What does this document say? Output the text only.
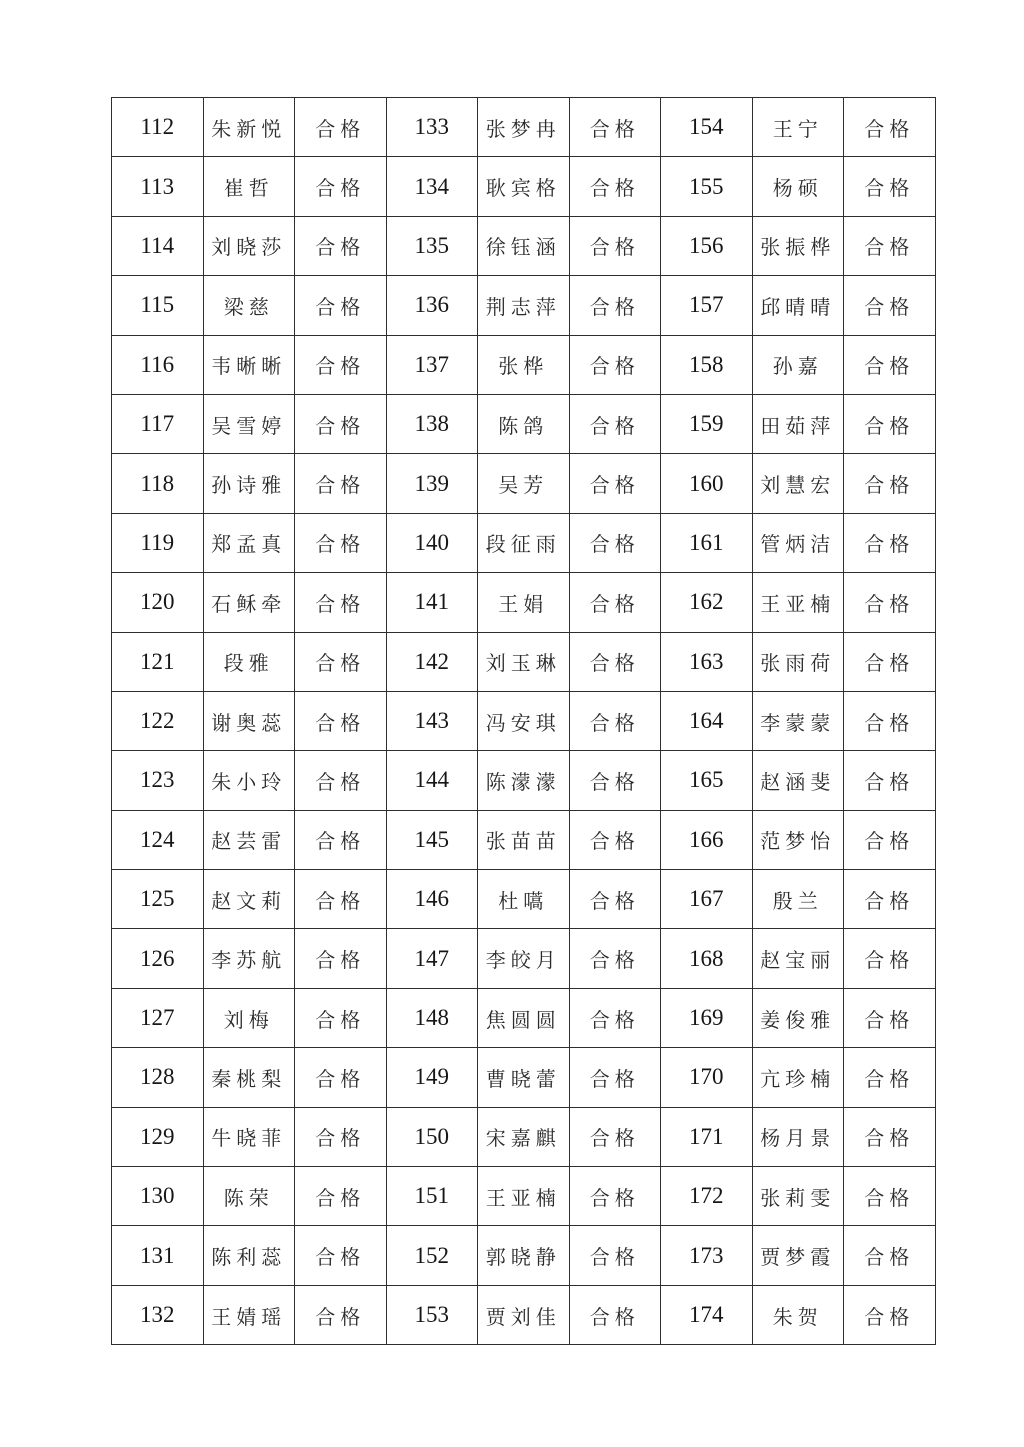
112	朱新悦	合格	133	张梦冉	合格	154	王宁	合格
113	崔哲	合格	134	耿宾格	合格	155	杨硕	合格
114	刘晓莎	合格	135	徐钰涵	合格	156	张振桦	合格
115	梁慈	合格	136	荆志萍	合格	157	邱晴晴	合格
116	韦晰晰	合格	137	张桦	合格	158	孙嘉	合格
117	吴雪婷	合格	138	陈鸽	合格	159	田茹萍	合格
118	孙诗雅	合格	139	吴芳	合格	160	刘慧宏	合格
119	郑孟真	合格	140	段征雨	合格	161	管炳洁	合格
120	石稣牵	合格	141	王娟	合格	162	王亚楠	合格
121	段雅	合格	142	刘玉琳	合格	163	张雨荷	合格
122	谢奥蕊	合格	143	冯安琪	合格	164	李蒙蒙	合格
123	朱小玲	合格	144	陈濛濛	合格	165	赵涵斐	合格
124	赵芸雷	合格	145	张苗苗	合格	166	范梦怡	合格
125	赵文莉	合格	146	杜嚆	合格	167	殷兰	合格
126	李苏航	合格	147	李皎月	合格	168	赵宝丽	合格
127	刘梅	合格	148	焦圆圆	合格	169	姜俊雅	合格
128	秦桃梨	合格	149	曹晓蕾	合格	170	亢珍楠	合格
129	牛晓菲	合格	150	宋嘉麒	合格	171	杨月景	合格
130	陈荣	合格	151	王亚楠	合格	172	张莉雯	合格
131	陈利蕊	合格	152	郭晓静	合格	173	贾梦霞	合格
132	王婧瑶	合格	153	贾刘佳	合格	174	朱贺	合格
